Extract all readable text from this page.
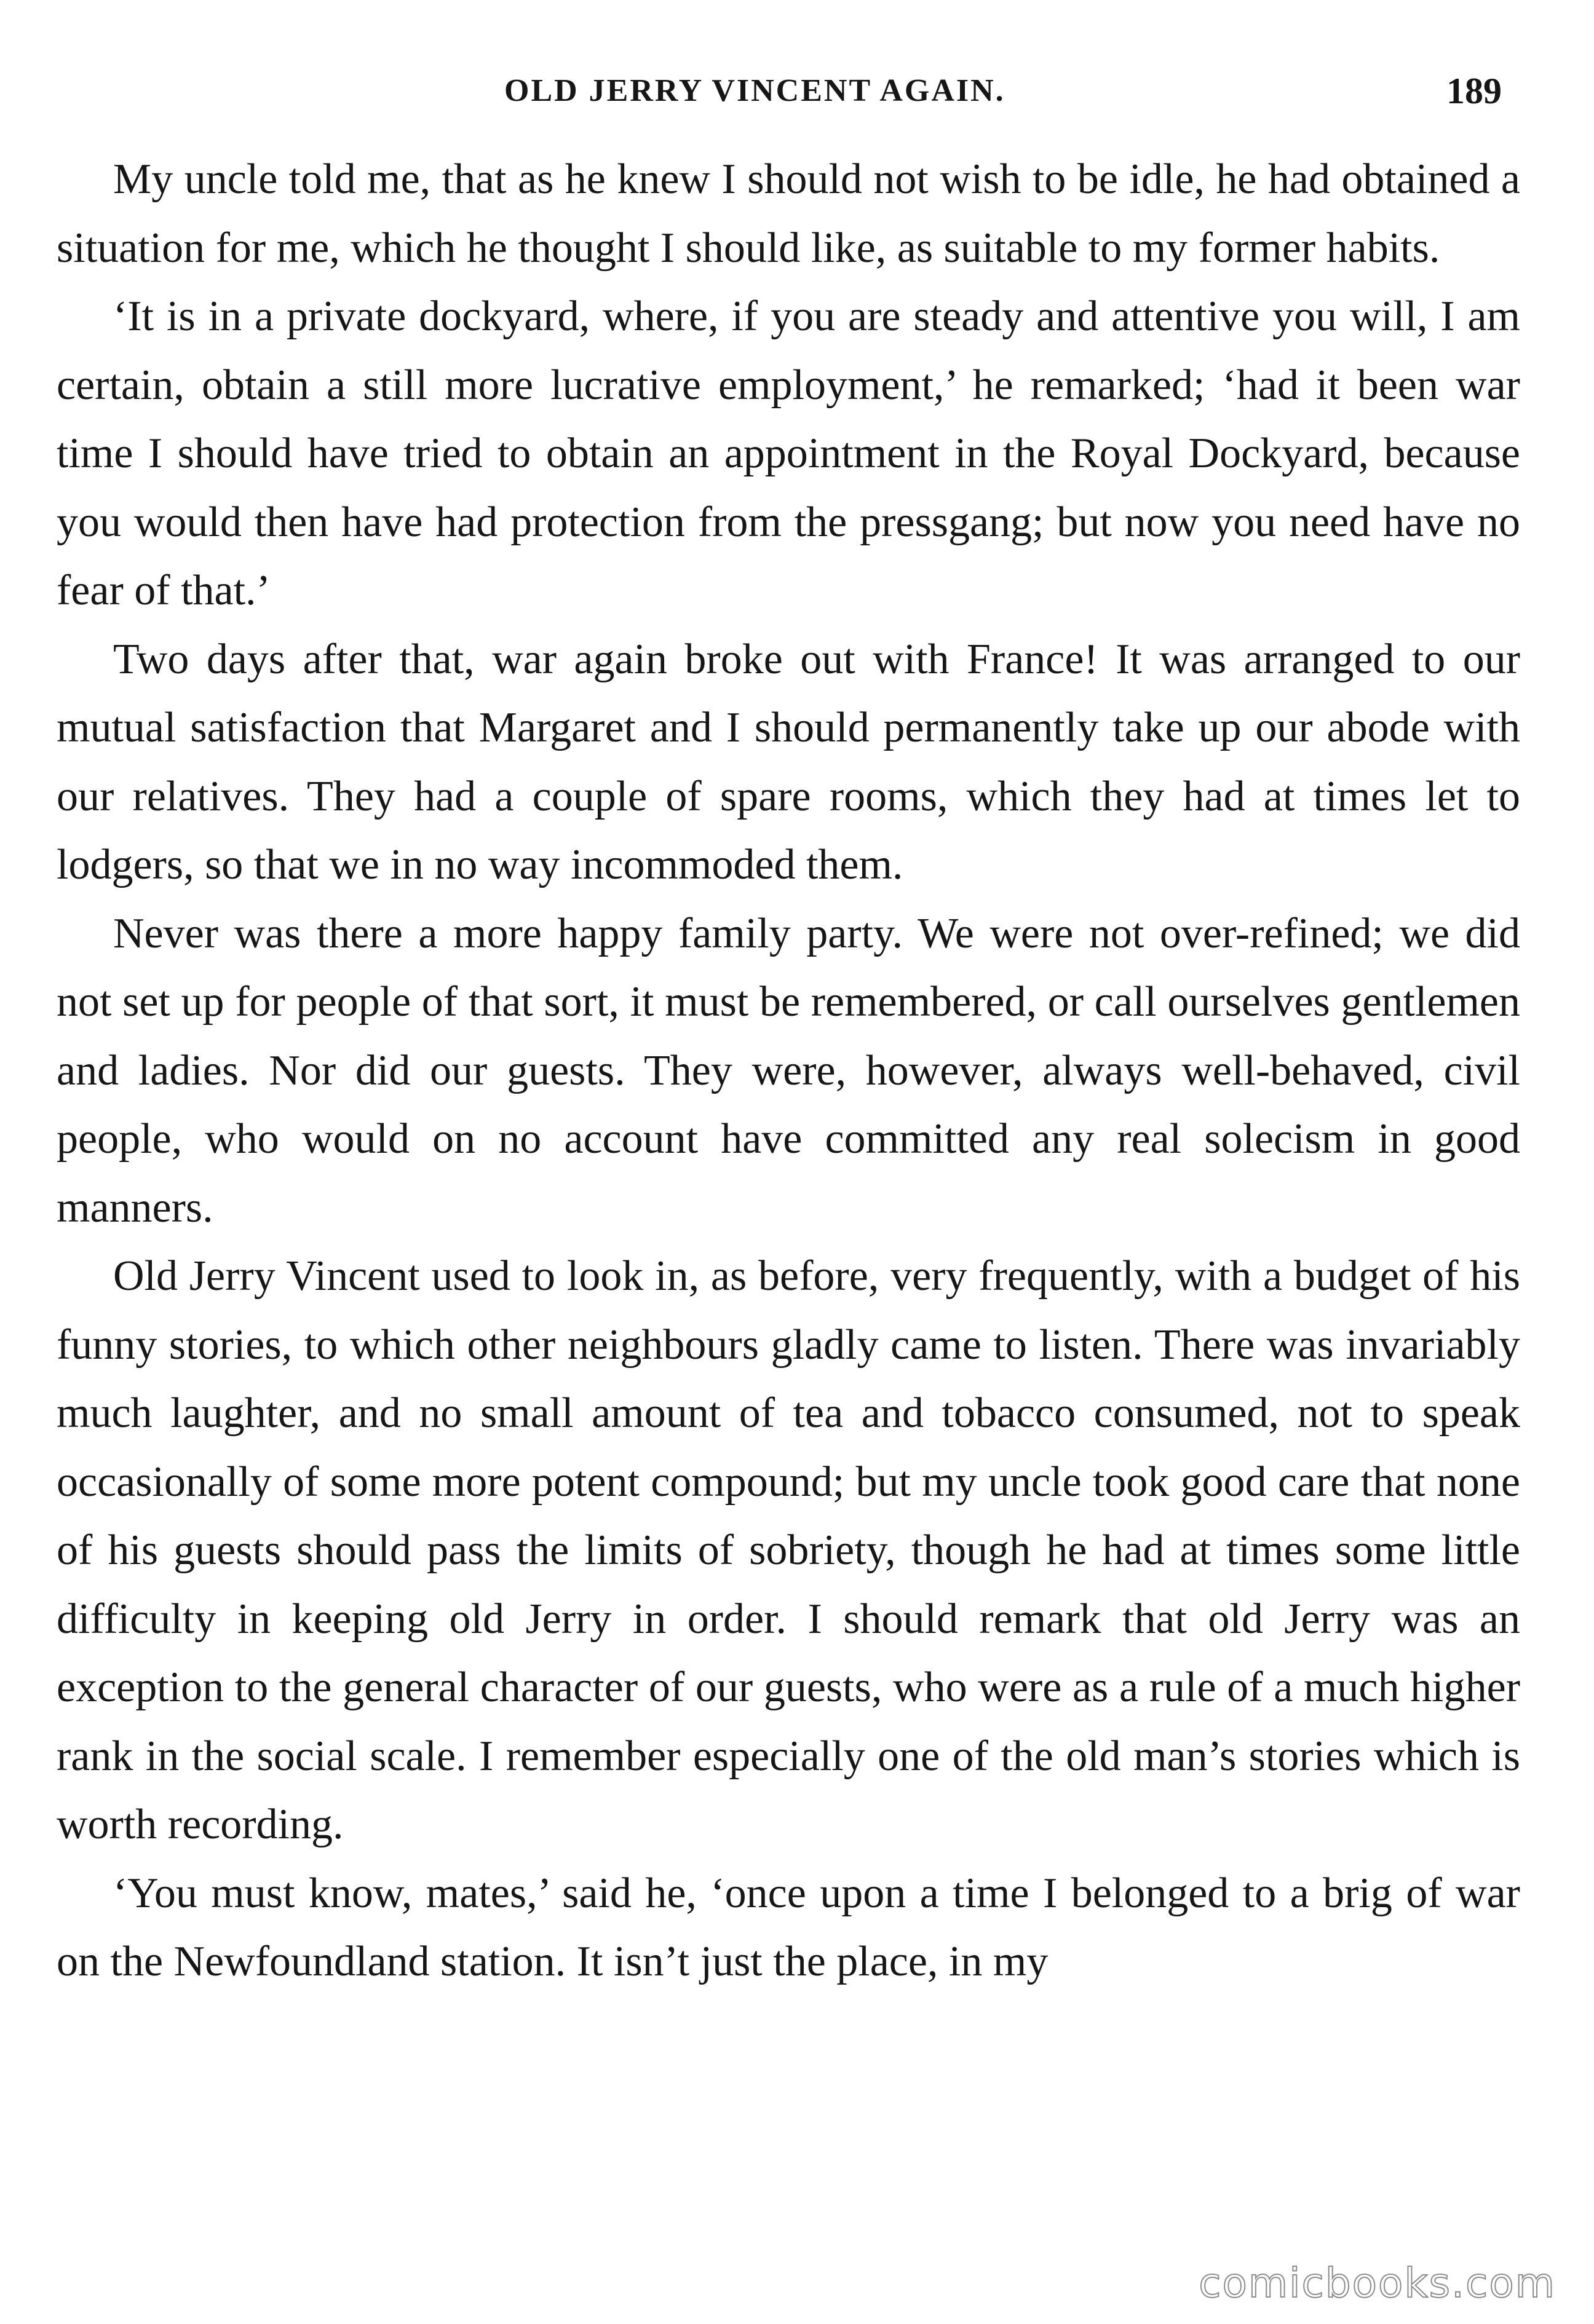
OLD JERRY VINCENT AGAIN.	189

My uncle told me, that as he knew I should not wish to be idle, he had obtained a situation for me, which he thought I should like, as suitable to my former habits.

‘It is in a private dockyard, where, if you are steady and attentive you will, I am certain, obtain a still more lucrative employment,’ he remarked; ‘had it been war time I should have tried to obtain an appointment in the Royal Dockyard, because you would then have had protection from the pressgang; but now you need have no fear of that.’

Two days after that, war again broke out with France! It was arranged to our mutual satisfaction that Margaret and I should permanently take up our abode with our relatives. They had a couple of spare rooms, which they had at times let to lodgers, so that we in no way incommoded them.

Never was there a more happy family party. We were not over-refined; we did not set up for people of that sort, it must be remembered, or call ourselves gentlemen and ladies. Nor did our guests. They were, however, always well-behaved, civil people, who would on no account have committed any real solecism in good manners.

Old Jerry Vincent used to look in, as before, very frequently, with a budget of his funny stories, to which other neighbours gladly came to listen. There was invariably much laughter, and no small amount of tea and tobacco consumed, not to speak occasionally of some more potent compound; but my uncle took good care that none of his guests should pass the limits of sobriety, though he had at times some little difficulty in keeping old Jerry in order. I should remark that old Jerry was an exception to the general character of our guests, who were as a rule of a much higher rank in the social scale. I remember especially one of the old man’s stories which is worth recording.

‘You must know, mates,’ said he, ‘once upon a time I belonged to a brig of war on the Newfoundland station. It isn’t just the place, in my

comicbooks.com
